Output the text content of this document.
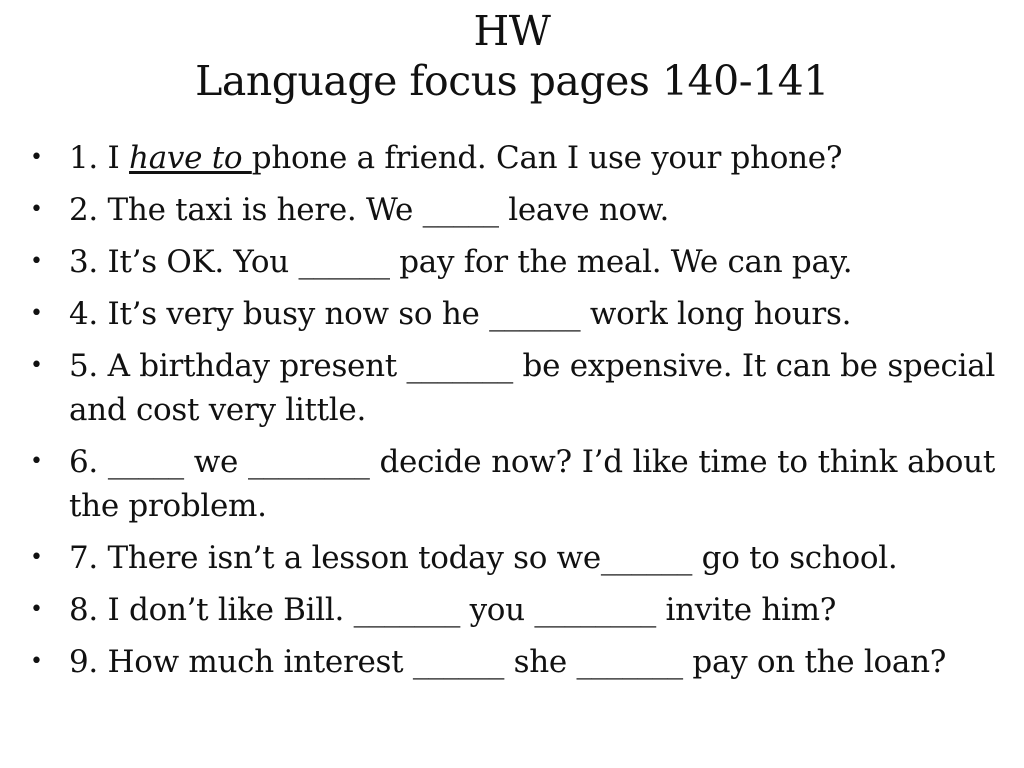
HW
Language focus pages 140-141
• 1. I have to phone a friend. Can I use your phone?
• 2. The taxi is here. We _____ leave now.
• 3. It’s OK. You ______ pay for the meal. We can pay.
• 4. It’s very busy now so he ______ work long hours.
• 5. A birthday present _______ be expensive. It can be special and cost very little.
• 6. _____ we ________ decide now? I’d like time to think about the problem.
• 7. There isn’t a lesson today so we______ go to school.
• 8. I don’t like Bill. _______ you ________ invite him?
• 9. How much interest ______ she _______ pay on the loan?
